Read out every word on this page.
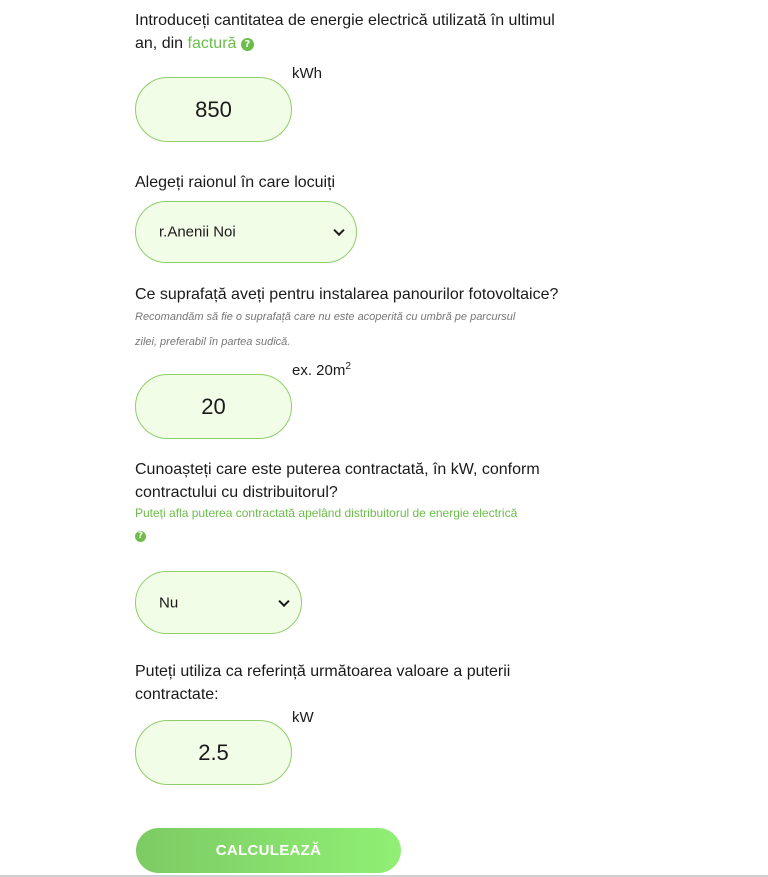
Introduceți cantitatea de energie electrică utilizată în ultimul
an, din factură ?
kWh
850
Alegeți raionul în care locuiți
r.Anenii Noi
Ce suprafață aveți pentru instalarea panourilor fotovoltaice?
Recomandăm să fie o suprafață care nu este acoperită cu umbră pe parcursul
zilei, preferabil în partea sudică.
ex. $20m^2$
20
Cunoașteți care este puterea contractată, în kW, conform
contractului cu distribuitorul?
Puteți afla puterea contractată apelând distribuitorul de energie electrică
?
Nu
Puteți utiliza ca referință următoarea valoare a puterii
contractate:
kW
2.5
CALCULEAZĂ
